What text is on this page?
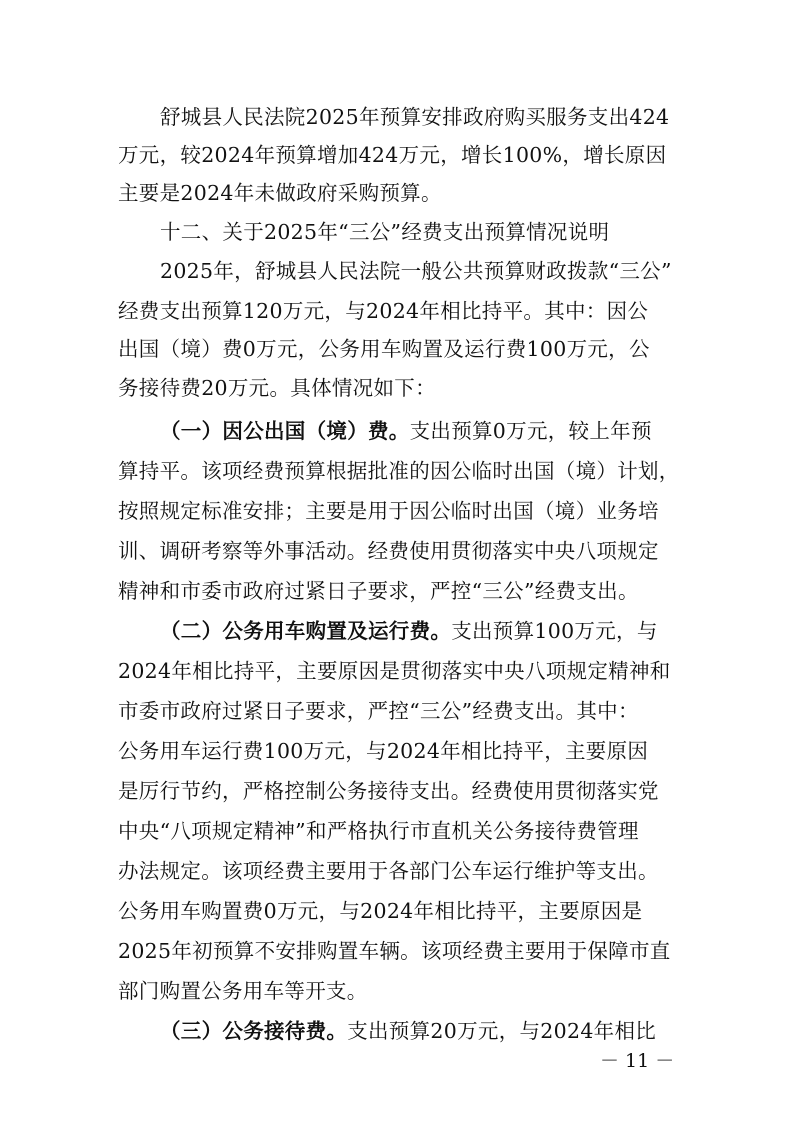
舒城县人民法院2025年预算安排政府购买服务支出424
万元，较2024年预算增加424万元，增长100%，增长原因
主要是2024年未做政府采购预算。
十二、关于2025年“三公”经费支出预算情况说明
2025年，舒城县人民法院一般公共预算财政拨款“三公”
经费支出预算120万元，与2024年相比持平。其中：因公
出国（境）费0万元，公务用车购置及运行费100万元，公
务接待费20万元。具体情况如下：
（一）因公出国（境）费。支出预算0万元，较上年预
算持平。该项经费预算根据批准的因公临时出国（境）计划，
按照规定标准安排；主要是用于因公临时出国（境）业务培
训、调研考察等外事活动。经费使用贯彻落实中央八项规定
精神和市委市政府过紧日子要求，严控“三公”经费支出。
（二）公务用车购置及运行费。支出预算100万元，与
2024年相比持平，主要原因是贯彻落实中央八项规定精神和
市委市政府过紧日子要求，严控“三公”经费支出。其中：
公务用车运行费100万元，与2024年相比持平，主要原因
是厉行节约，严格控制公务接待支出。经费使用贯彻落实党
中央“八项规定精神”和严格执行市直机关公务接待费管理
办法规定。该项经费主要用于各部门公车运行维护等支出。
公务用车购置费0万元，与2024年相比持平，主要原因是
2025年初预算不安排购置车辆。该项经费主要用于保障市直
部门购置公务用车等开支。
（三）公务接待费。支出预算20万元，与2024年相比
－ 11 －
